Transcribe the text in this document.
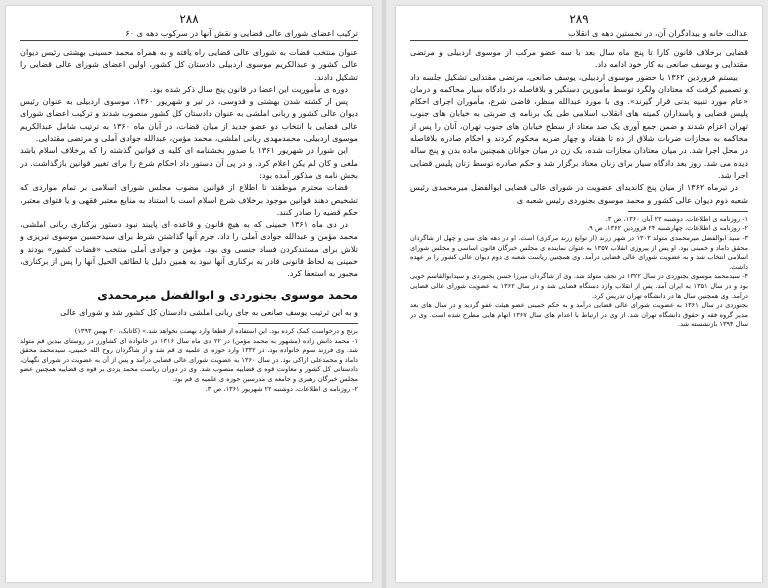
۲۸۸
ترکیب اعضای شورای عالی قضایی و نقش آنها در سرکوب دهه ی ۶۰

عنوان منتخب قضات به شورای عالی قضایی راه یافته و به همراه محمد حسینی بهشتی رئیس دیوان عالی کشور و عبدالکریم موسوی اردبیلی دادستان کل کشور، اولین اعضای شورای عالی قضایی را تشکیل دادند.

دوره ی مأموریت این اعضا در قانون پنج سال ذکر شده بود.

پس از کشته شدن بهشتی و قدوسی، در تیر و شهریور ۱۳۶۰، موسوی اردبیلی به عنوان رئیس دیوان عالی کشور و ربانی املشی به عنوان دادستان کل کشور منصوب شدند و ترکیب اعضای شورای عالی قضایی با انتخاب دو عضو جدید از میان قضات، در آبان ماه ۱۳۶۰ به ترتیب شامل عبدالکریم موسوی اردبیلی، محمدمهدی ربانی املشی، محمد مؤمن، عبدالله جوادی آملی و مرتضی مقتدایی.

این شورا در شهریور ۱۳۶۱ با صدور بخشنامه ای کلیه ی قوانین گذشته را که برخلاف اسلام باشد ملغی و کان لم یکن اعلام کرد. و در پی آن دستور داد احکام شرع را برای تغییر قوانین بازگذاشت. در بخش نامه ی مذکور آمده بود:

قضات محترم موظفند تا اطلاع از قوانین مصوب مجلس شورای اسلامی بر تمام مواردی که تشخیص دهند قوانین موجود برخلاف شرع اسلام است با استناد به منابع معتبر فقهی و یا فتوای معتبر، حکم قضیه را صادر کنند.

در دی ماه ۱۳۶۱ خمینی که به هیچ قانون و قاعده ای پایبند نبود دستور برکناری ربانی املشی، محمد مؤمن و عبدالله جوادی آملی را داد. جرم آنها گذاشتن شرط برای سیدحسین موسوی تبریزی و تلاش برای مستندکردن فساد جنسی وی بود. مؤمن و جوادی آملی منتخب «قضات کشور» بودند و خمینی به لحاظ قانونی قادر به برکناری آنها نبود به همین دلیل با لطائف الحیل آنها را پس از برکناری، مجبور به استعفا کرد.

محمد موسوی بجنوردی و ابوالفضل میرمحمدی

و به این ترتیب یوسف صانعی به جای ربانی املشی دادستان کل کشور شد و شورای عالی

برنج و درخواست کمک کرده بود. این استفاده از قطعا وارد نهضت نخواهد شد.» (کاتابک، ۳۰ بهمن ۱۳۹۳)

۱- محمد دانش زاده (مشهور به محمد مؤمن) در ۲۲ دی ماه سال ۱۳۱۶ در خانواده ای کشاورز در روستای بیدین قم متولد شد. وی فرزند سوم خانواده بود. در ۱۳۳۲ وارد حوزه ی علمیه ی قم شد و از شاگردان روح الله خمینی، سیدمحمد محقق داماد و محمدعلی اراکی بود. در سال ۱۳۶۰ به عضویت شورای عالی قضایی درآمد و پس از آن به عضویت در شورای نگهبان، دادستانی کل کشور و معاونت قوه ی قضاییه منصوب شد. وی در دوران ریاست محمد یزدی بر قوه ی قضاییه همچنین عضو مجلس خبرگان رهبری و جامعه ی مدرسین حوزه ی علمیه ی قم بود.

۲- روزنامه ی اطلاعات، دوشنبه ۲۲ شهریور ۱۳۶۱، ص ۳.

۲۸۹
عدالت خانه و بیدادگران آن، در نخستین دهه ی انقلاب

قضایی برخلاف قانون کارا تا پنج ماه سال بعد با سه عضو مرکب از موسوی اردبیلی و مرتضی مقتدایی و یوسف صانعی به کار خود ادامه داد.

بیستم فروردین ۱۳۶۲ با حضور موسوی اردبیلی، یوسف صانعی، مرتضی مقتدایی تشکیل جلسه داد و تصمیم گرفت که معتادان ولگرد توسط مأمورین دستگیر و بلافاصله در دادگاه سیار محاکمه و درمان «عام مورد تنبیه بدنی قرار گیرند». وی با مورد عبدالله منظر، قاضی شرع، مأموران اجرای احکام پلیس قضایی و پاسداران کمیته های انقلاب اسلامی طی یک برنامه ی ضربتی به خیابان های جنوب تهران اعزام شدند و ضمن جمع آوری یک صد معتاد از سطح خیابان های جنوب تهران، آنان را پس از محاکمه به مجازات ضربات شلاق از ده تا هفتاد و چهار ضربه محکوم کردند و احکام صادره بلافاصله در محل اجرا شد. در میان معتادان مجازات شده، یک زن در میان جوانان همچنین ماده بدن و پنج ساله دیده می شد. روز بعد دادگاه سیار برای زنان معتاد برگزار شد و حکم صادره توسط زنان پلیس قضایی اجرا شد.

در تیرماه ۱۳۶۲ از میان پنج کاندیدای عضویت در شورای عالی قضایی ابوالفضل میرمحمدی رئیس شعبه دوم دیوان عالی کشور و محمد موسوی بجنوردی رئیس شعبه ی

۱- روزنامه ی اطلاعات، دوشنبه ۲۲ آبان ۱۳۶۰، ص ۳.

۲- روزنامه ی اطلاعات، چهارشنبه ۲۴ فروردین ۱۳۶۲، ص ۹.

۳- سید ابوالفضل میرمحمدی متولد ۱۳۰۳ در شهر زرند (از توابع زرند مرکزی) است. او در دهه های سی و چهل از شاگردان محقق داماد و خمینی بود. او پس از پیروزی انقلاب ۱۳۵۷ به عنوان نماینده ی مجلس خبرگان قانون اساسی و مجلس شورای اسلامی انتخاب شد و به عضویت شورای عالی قضایی درآمد. وی همچنین ریاست شعبه ی دوم دیوان عالی کشور را بر عهده داشت.

۴- سیدمحمد موسوی بجنوردی در سال ۱۳۲۲ در نجف متولد شد. وی از شاگردان میرزا حسن بجنوردی و سیدابوالقاسم خویی بود و در سال ۱۳۵۱ به ایران آمد. پس از انقلاب وارد دستگاه قضایی شد و در سال ۱۳۶۲ به عضویت شورای عالی قضایی درآمد. وی همچنین سال ها در دانشگاه تهران تدریس کرد.

بجنوردی در سال ۱۳۶۱ به عضویت شورای عالی قضایی درآمد و به حکم خمینی عضو هیئت عفو گردید و در سال های بعد مدیر گروه فقه و حقوق دانشگاه تهران شد. از وی در ارتباط با اعدام های سال ۱۳۶۷ اتهام هایی مطرح شده است. وی در سال ۱۳۹۴ بازنشسته شد.
